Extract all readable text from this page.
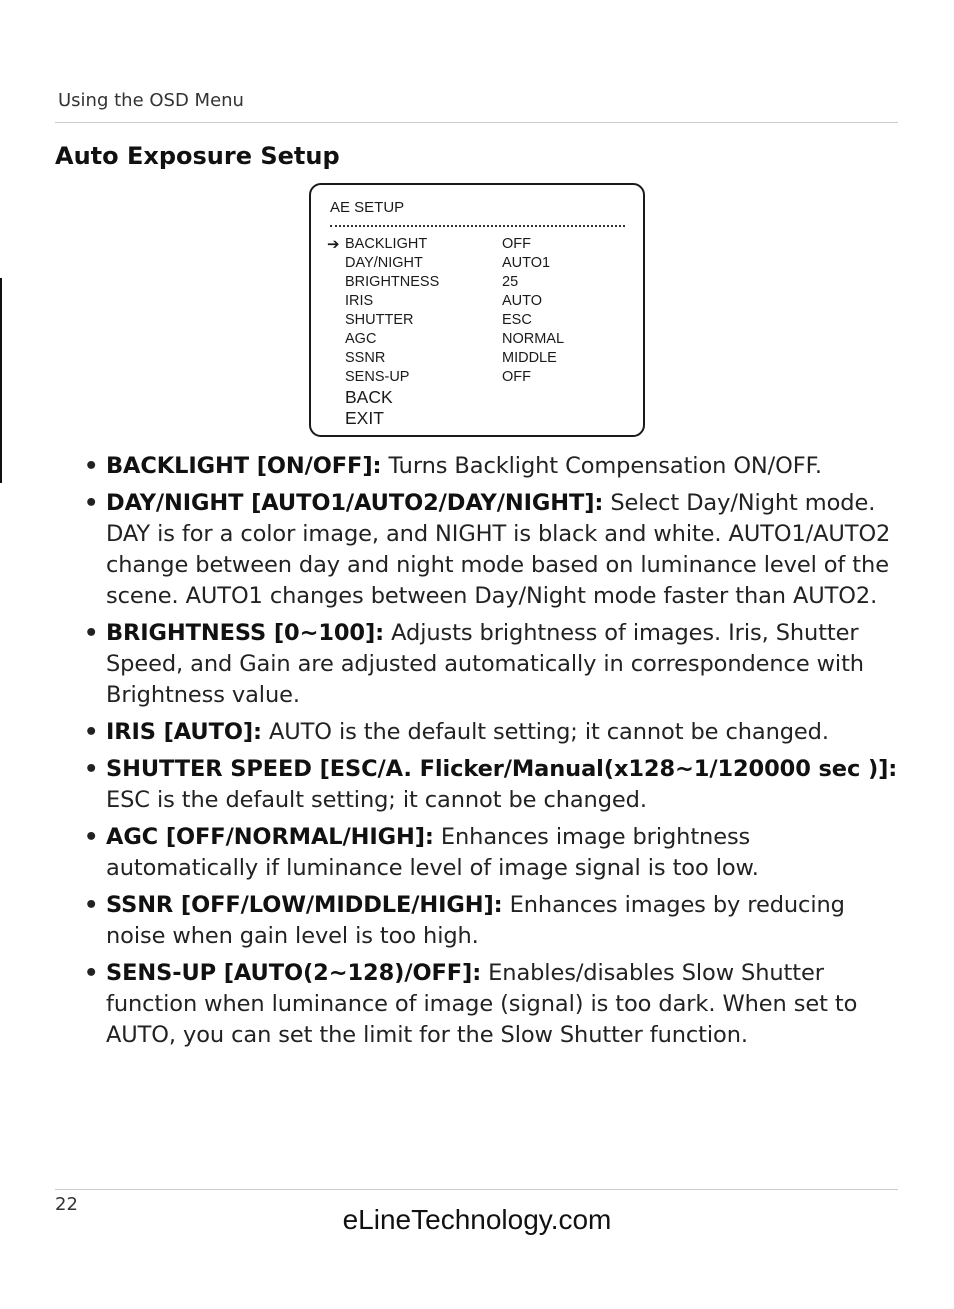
Using the OSD Menu
Auto Exposure Setup
AE SETUP
➔ BACKLIGHT	OFF
DAY/NIGHT	AUTO1
BRIGHTNESS	25
IRIS	AUTO
SHUTTER	ESC
AGC	NORMAL
SSNR	MIDDLE
SENS-UP	OFF
BACK
EXIT
• BACKLIGHT [ON/OFF]: Turns Backlight Compensation ON/OFF.
• DAY/NIGHT [AUTO1/AUTO2/DAY/NIGHT]: Select Day/Night mode. DAY is for a color image, and NIGHT is black and white. AUTO1/AUTO2 change between day and night mode based on luminance level of the scene. AUTO1 changes between Day/Night mode faster than AUTO2.
• BRIGHTNESS [0~100]: Adjusts brightness of images. Iris, Shutter Speed, and Gain are adjusted automatically in correspondence with Brightness value.
• IRIS [AUTO]: AUTO is the default setting; it cannot be changed.
• SHUTTER SPEED [ESC/A. Flicker/Manual(x128~1/120000 sec )]: ESC is the default setting; it cannot be changed.
• AGC [OFF/NORMAL/HIGH]: Enhances image brightness automatically if luminance level of image signal is too low.
• SSNR [OFF/LOW/MIDDLE/HIGH]: Enhances images by reducing noise when gain level is too high.
• SENS-UP [AUTO(2~128)/OFF]: Enables/disables Slow Shutter function when luminance of image (signal) is too dark. When set to AUTO, you can set the limit for the Slow Shutter function.
22	eLineTechnology.com
